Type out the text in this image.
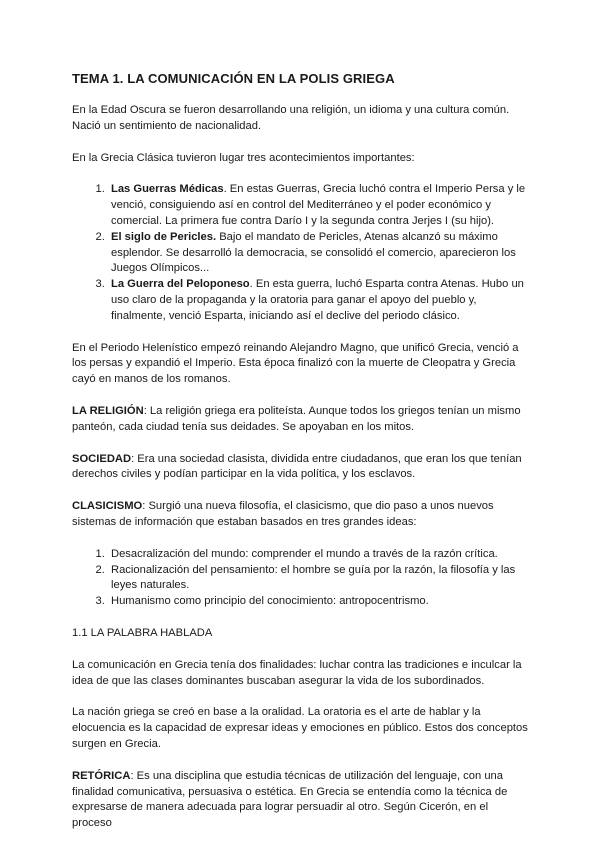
TEMA 1. LA COMUNICACIÓN EN LA POLIS GRIEGA

En la Edad Oscura se fueron desarrollando una religión, un idioma y una cultura común. Nació un sentimiento de nacionalidad.

En la Grecia Clásica tuvieron lugar tres acontecimientos importantes:

1. Las Guerras Médicas. En estas Guerras, Grecia luchó contra el Imperio Persa y le venció, consiguiendo así en control del Mediterráneo y el poder económico y comercial. La primera fue contra Darío I y la segunda contra Jerjes I (su hijo).
2. El siglo de Pericles. Bajo el mandato de Pericles, Atenas alcanzó su máximo esplendor. Se desarrolló la democracia, se consolidó el comercio, aparecieron los Juegos Olímpicos...
3. La Guerra del Peloponeso. En esta guerra, luchó Esparta contra Atenas. Hubo un uso claro de la propaganda y la oratoria para ganar el apoyo del pueblo y, finalmente, venció Esparta, iniciando así el declive del periodo clásico.

En el Periodo Helenístico empezó reinando Alejandro Magno, que unificó Grecia, venció a los persas y expandió el Imperio. Esta época finalizó con la muerte de Cleopatra y Grecia cayó en manos de los romanos.

LA RELIGIÓN: La religión griega era politeísta. Aunque todos los griegos tenían un mismo panteón, cada ciudad tenía sus deidades. Se apoyaban en los mitos.

SOCIEDAD: Era una sociedad clasista, dividida entre ciudadanos, que eran los que tenían derechos civiles y podían participar en la vida política, y los esclavos.

CLASICISMO: Surgió una nueva filosofía, el clasicismo, que dio paso a unos nuevos sistemas de información que estaban basados en tres grandes ideas:

1. Desacralización del mundo: comprender el mundo a través de la razón crítica.
2. Racionalización del pensamiento: el hombre se guía por la razón, la filosofía y las leyes naturales.
3. Humanismo como principio del conocimiento: antropocentrismo.

1.1 LA PALABRA HABLADA

La comunicación en Grecia tenía dos finalidades: luchar contra las tradiciones e inculcar la idea de que las clases dominantes buscaban asegurar la vida de los subordinados.

La nación griega se creó en base a la oralidad. La oratoria es el arte de hablar y la elocuencia es la capacidad de expresar ideas y emociones en público. Estos dos conceptos surgen en Grecia.

RETÓRICA: Es una disciplina que estudia técnicas de utilización del lenguaje, con una finalidad comunicativa, persuasiva o estética. En Grecia se entendía como la técnica de expresarse de manera adecuada para lograr persuadir al otro. Según Cicerón, en el proceso
